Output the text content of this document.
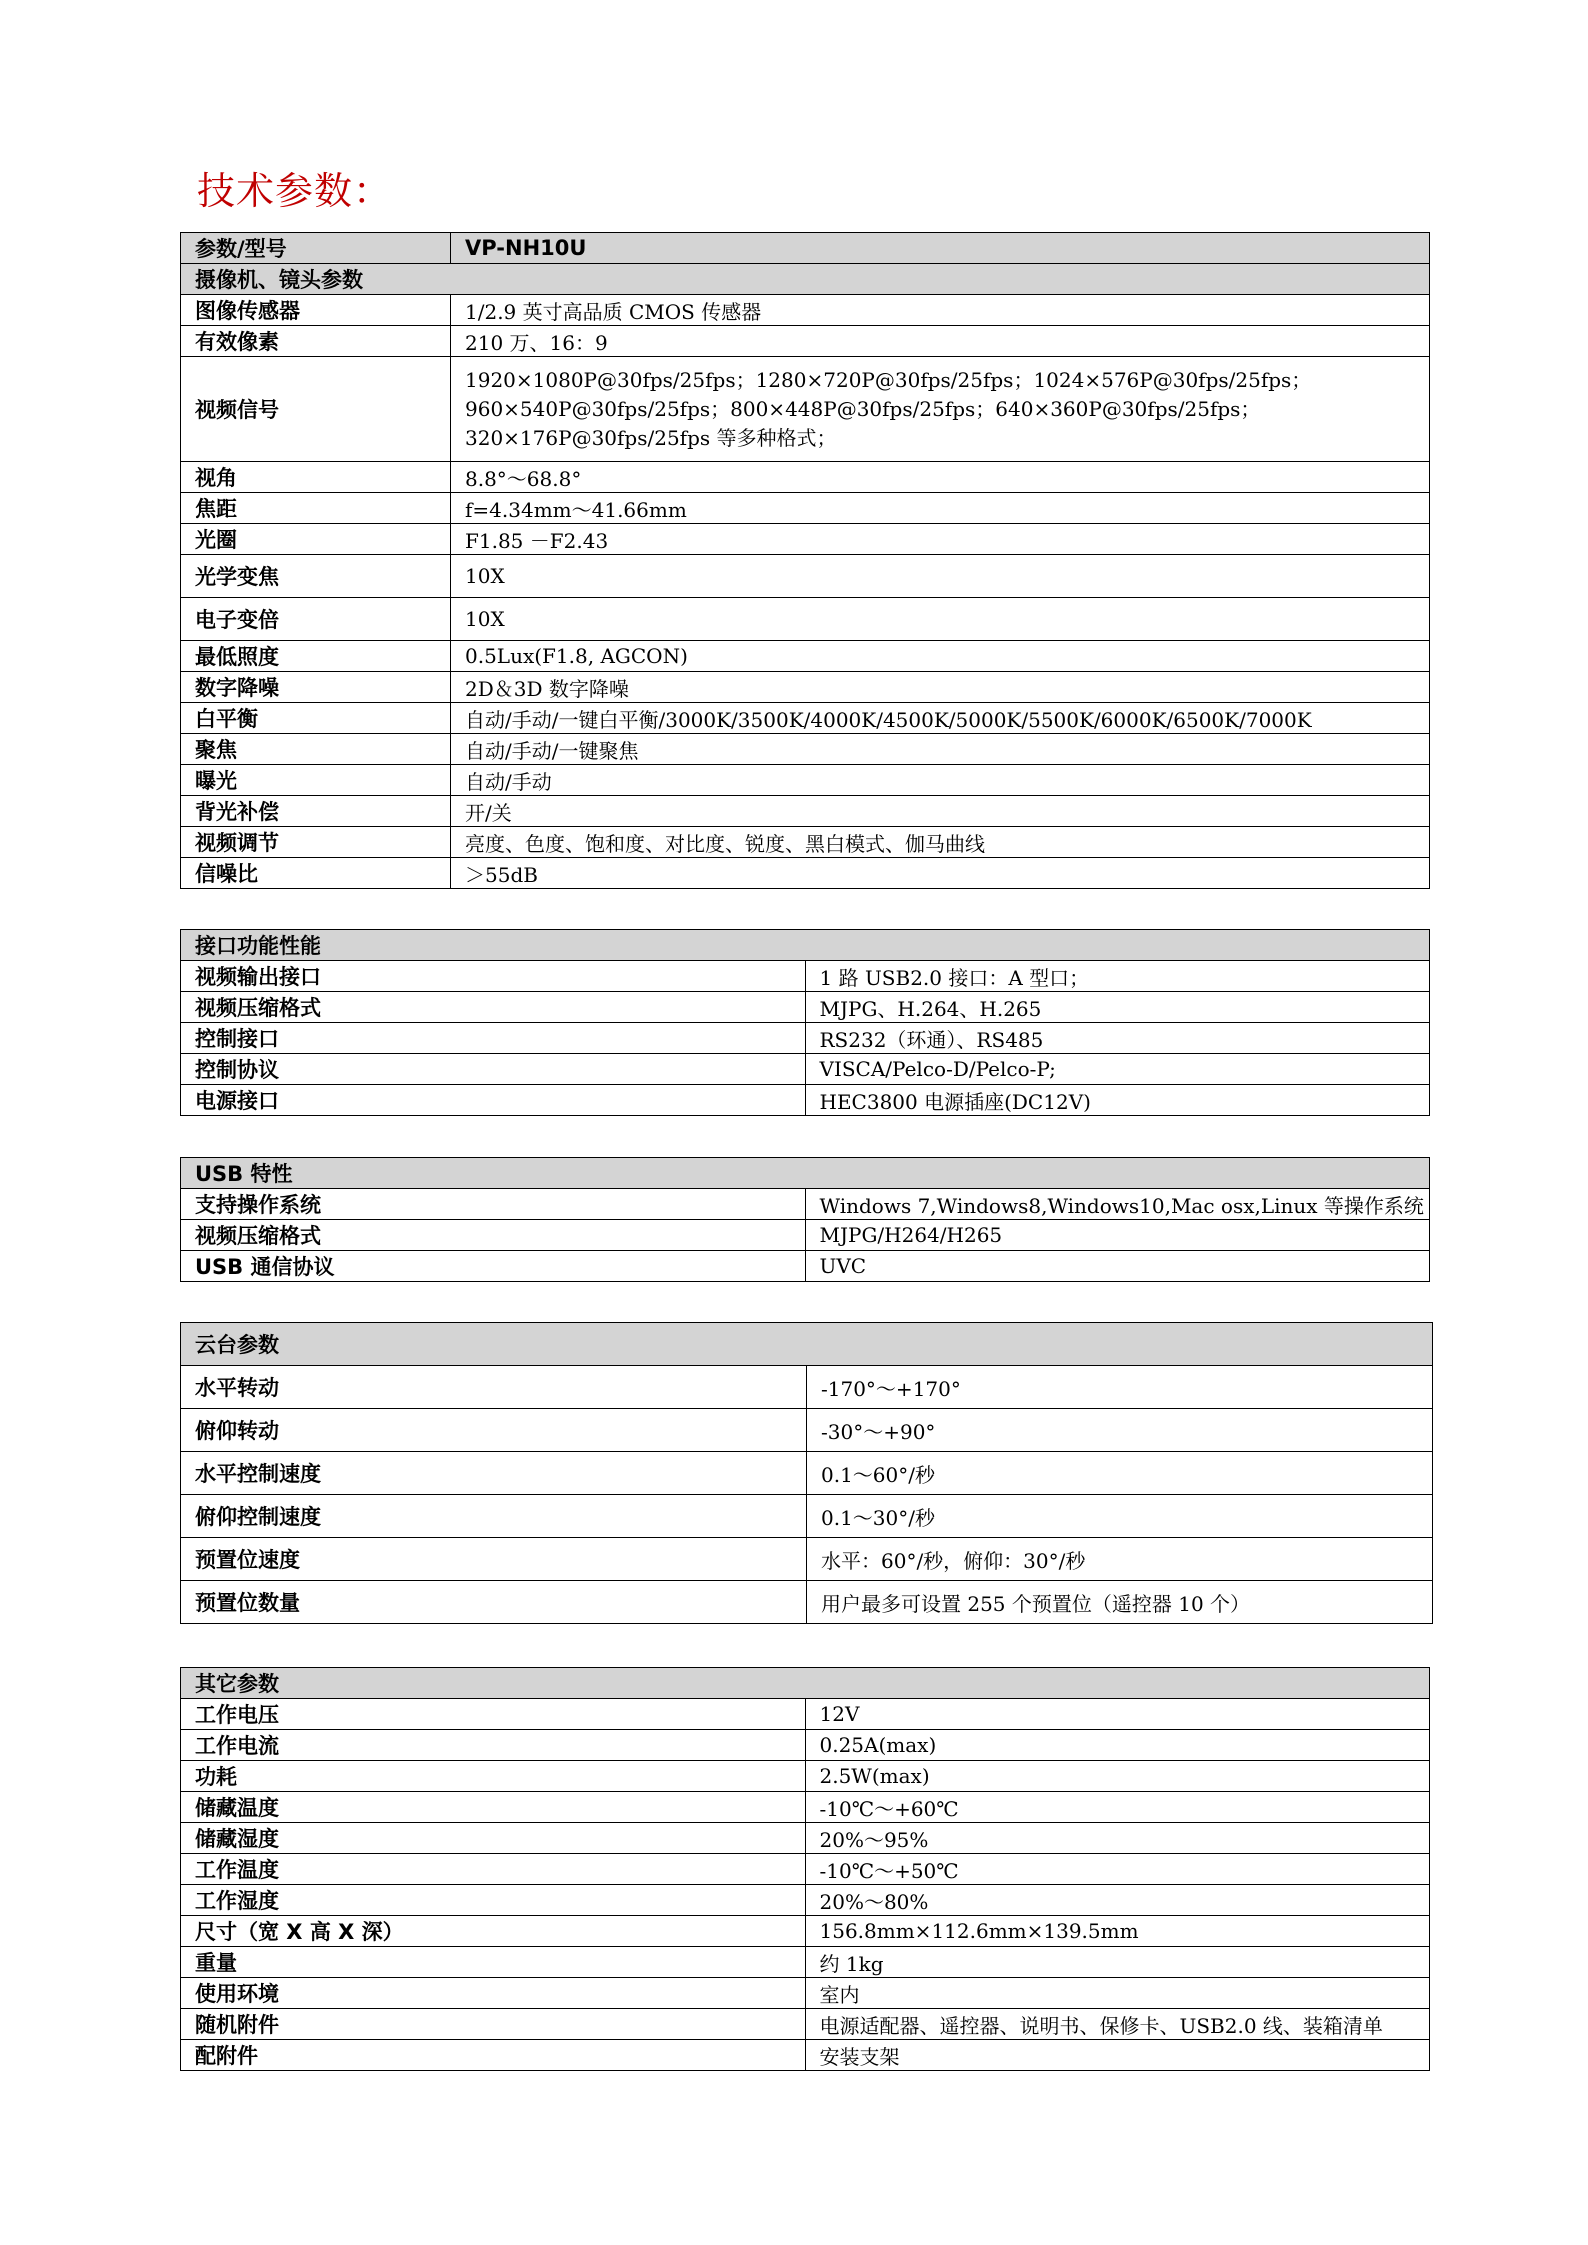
技术参数：
参数/型号	VP-NH10U
摄像机、镜头参数	
图像传感器	1/2.9 英寸高品质 CMOS 传感器
有效像素	210 万、16：9
视频信号	1920×1080P@30fps/25fps；1280×720P@30fps/25fps；1024×576P@30fps/25fps；
960×540P@30fps/25fps；800×448P@30fps/25fps；640×360P@30fps/25fps；
320×176P@30fps/25fps 等多种格式；

视角	8.8°～68.8°
焦距	f=4.34mm～41.66mm
光圈	F1.85 －F2.43
光学变焦	10X
电子变倍	10X
最低照度	0.5Lux(F1.8, AGCON)
数字降噪	2D＆3D 数字降噪
白平衡	自动/手动/一键白平衡/3000K/3500K/4000K/4500K/5000K/5500K/6000K/6500K/7000K
聚焦	自动/手动/一键聚焦
曝光	自动/手动
背光补偿	开/关
视频调节	亮度、色度、饱和度、对比度、锐度、黑白模式、伽马曲线
信噪比	＞55dB
接口功能性能	
视频输出接口	1 路 USB2.0 接口：A 型口；
视频压缩格式	MJPG、H.264、H.265
控制接口	RS232（环通）、RS485
控制协议	VISCA/Pelco-D/Pelco-P;
电源接口	HEC3800 电源插座(DC12V)
USB 特性	
支持操作系统	Windows 7,Windows8,Windows10,Mac osx,Linux 等操作系统
视频压缩格式	MJPG/H264/H265
USB 通信协议	UVC
云台参数	
水平转动	-170°～+170°
俯仰转动	-30°～+90°
水平控制速度	0.1～60°/秒
俯仰控制速度	0.1～30°/秒
预置位速度	水平：60°/秒，俯仰：30°/秒
预置位数量	用户最多可设置 255 个预置位（遥控器 10 个）
其它参数	
工作电压	12V
工作电流	0.25A(max)
功耗	2.5W(max)
储藏温度	-10℃～+60℃
储藏湿度	20%～95%
工作温度	-10℃～+50℃
工作湿度	20%～80%
尺寸（宽 X 高 X 深）	156.8mm×112.6mm×139.5mm
重量	约 1kg
使用环境	室内
随机附件	电源适配器、遥控器、说明书、保修卡、USB2.0 线、装箱清单
配附件	安装支架
